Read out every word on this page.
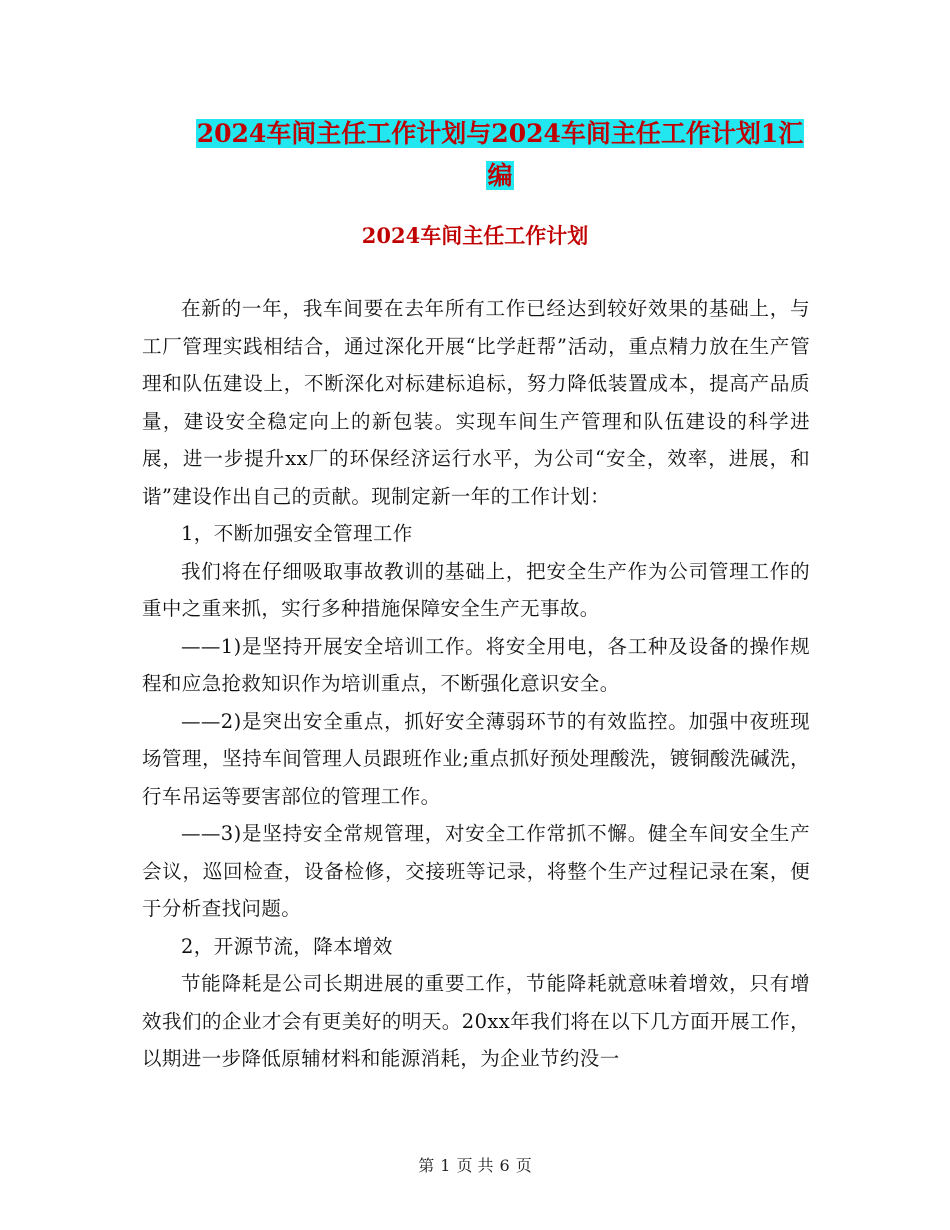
2024车间主任工作计划与2024车间主任工作计划1汇
编
2024车间主任工作计划

在新的一年，我车间要在去年所有工作已经达到较好效果的基础上，与工厂管理实践相结合，通过深化开展“比学赶帮”活动，重点精力放在生产管理和队伍建设上，不断深化对标建标追标，努力降低装置成本，提高产品质量，建设安全稳定向上的新包装。实现车间生产管理和队伍建设的科学进展，进一步提升xx厂的环保经济运行水平，为公司“安全，效率，进展，和谐”建设作出自己的贡献。现制定新一年的工作计划：

1，不断加强安全管理工作

我们将在仔细吸取事故教训的基础上，把安全生产作为公司管理工作的重中之重来抓，实行多种措施保障安全生产无事故。

——1)是坚持开展安全培训工作。将安全用电，各工种及设备的操作规程和应急抢救知识作为培训重点，不断强化意识安全。

——2)是突出安全重点，抓好安全薄弱环节的有效监控。加强中夜班现场管理，坚持车间管理人员跟班作业;重点抓好预处理酸洗，镀铜酸洗碱洗，行车吊运等要害部位的管理工作。

——3)是坚持安全常规管理，对安全工作常抓不懈。健全车间安全生产会议，巡回检查，设备检修，交接班等记录，将整个生产过程记录在案，便于分析查找问题。

2，开源节流，降本增效

节能降耗是公司长期进展的重要工作，节能降耗就意味着增效，只有增效我们的企业才会有更美好的明天。20xx年我们将在以下几方面开展工作，以期进一步降低原辅材料和能源消耗，为企业节约没一

第 1 页 共 6 页
